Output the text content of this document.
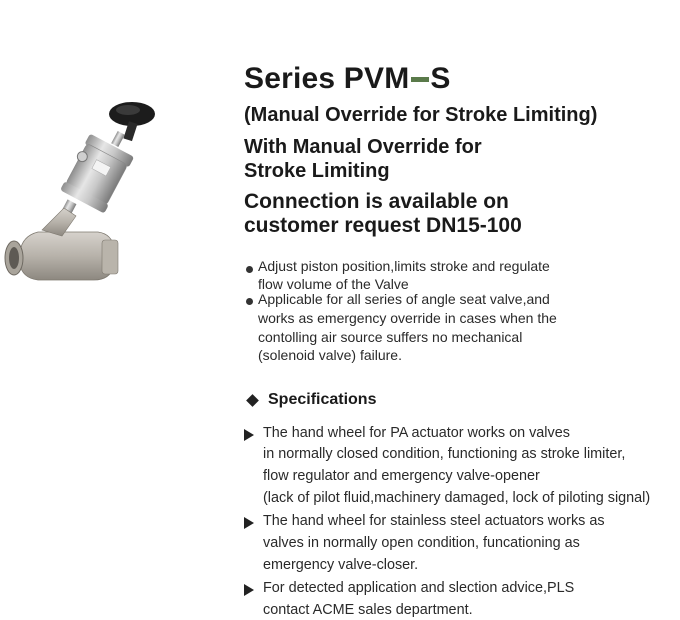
Series PVM S

(Manual Override for Stroke Limiting)

With Manual Override for

Stroke Limiting

Connection is available on

customer request DN15-100

Adjust piston position,limits stroke and regulate

flow volume of the Valve

Applicable for all series of angle seat valve,and

works as emergency override in cases when the

contolling air source suffers no mechanical

(solenoid valve) failure.

Specifications

The hand wheel for PA actuator works on valves

in normally closed condition, functioning as stroke limiter,

flow regulator and emergency valve-opener

(lack of pilot fluid,machinery damaged, lock of piloting signal)

The hand wheel for stainless steel actuators works as

valves in normally open condition, funcationing as

emergency valve-closer.

For detected application and slection advice,PLS

contact ACME sales department.
